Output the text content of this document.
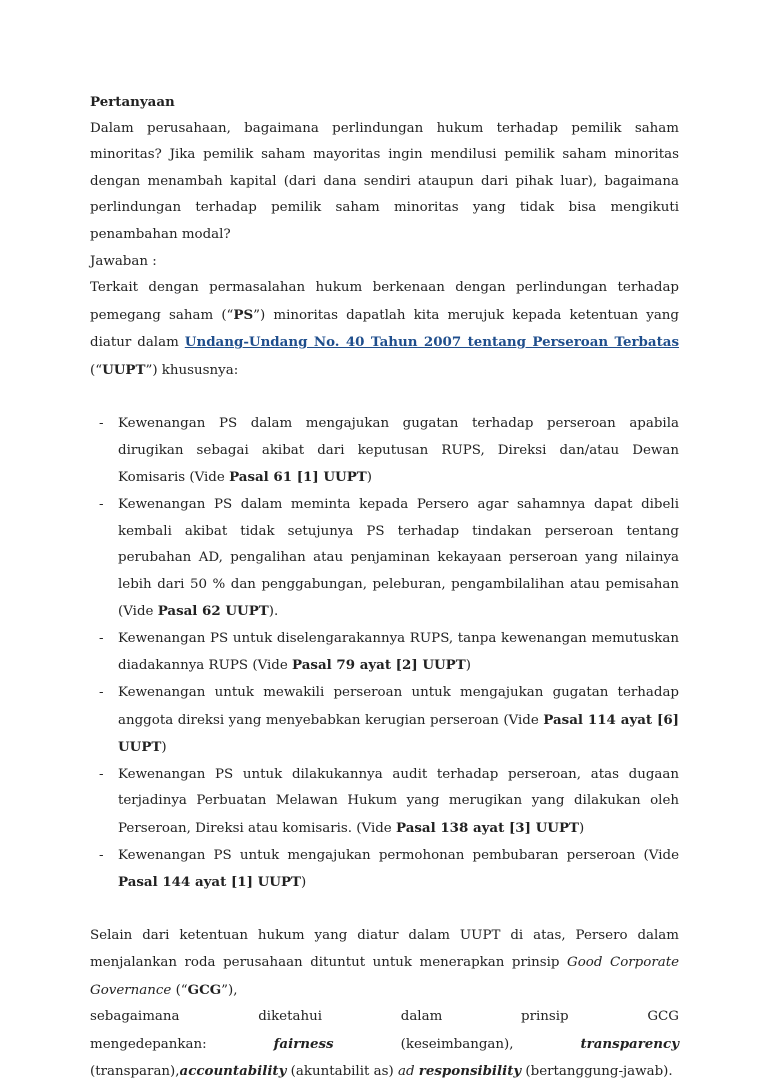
Pertanyaan

Dalam perusahaan, bagaimana perlindungan hukum terhadap pemilik saham minoritas? Jika pemilik saham mayoritas ingin mendilusi pemilik saham minoritas dengan menambah kapital (dari dana sendiri ataupun dari pihak luar), bagaimana perlindungan terhadap pemilik saham minoritas yang tidak bisa mengikuti penambahan modal?

Jawaban :

Terkait dengan permasalahan hukum berkenaan dengan perlindungan terhadap pemegang saham (“PS”) minoritas dapatlah kita merujuk kepada ketentuan yang diatur dalam Undang-Undang No. 40 Tahun 2007 tentang Perseroan Terbatas (“UUPT”) khususnya:

- Kewenangan PS dalam mengajukan gugatan terhadap perseroan apabila dirugikan sebagai akibat dari keputusan RUPS, Direksi dan/atau Dewan Komisaris (Vide Pasal 61 [1] UUPT)
- Kewenangan PS dalam meminta kepada Persero agar sahamnya dapat dibeli kembali akibat tidak setujunya PS terhadap tindakan perseroan tentang perubahan AD, pengalihan atau penjaminan kekayaan perseroan yang nilainya lebih dari 50 % dan penggabungan, peleburan, pengambilalihan atau pemisahan (Vide Pasal 62 UUPT).
- Kewenangan PS untuk diselengarakannya RUPS, tanpa kewenangan memutuskan diadakannya RUPS (Vide Pasal 79 ayat [2] UUPT)
- Kewenangan untuk mewakili perseroan untuk mengajukan gugatan terhadap anggota direksi yang menyebabkan kerugian perseroan (Vide Pasal 114 ayat [6] UUPT)
- Kewenangan PS untuk dilakukannya audit terhadap perseroan, atas dugaan terjadinya Perbuatan Melawan Hukum yang merugikan yang dilakukan oleh Perseroan, Direksi atau komisaris. (Vide Pasal 138 ayat [3] UUPT)
- Kewenangan PS untuk mengajukan permohonan pembubaran perseroan (Vide Pasal 144 ayat [1] UUPT)

Selain dari ketentuan hukum yang diatur dalam UUPT di atas, Persero dalam menjalankan roda perusahaan dituntut untuk menerapkan prinsip Good Corporate Governance (“GCG”),

sebagaimana	diketahui	dalam	prinsip	GCG

mengedepankan: fairness (keseimbangan), transparency (transparan),accountability (akuntabilit as) ad responsibility (bertanggung-jawab).
